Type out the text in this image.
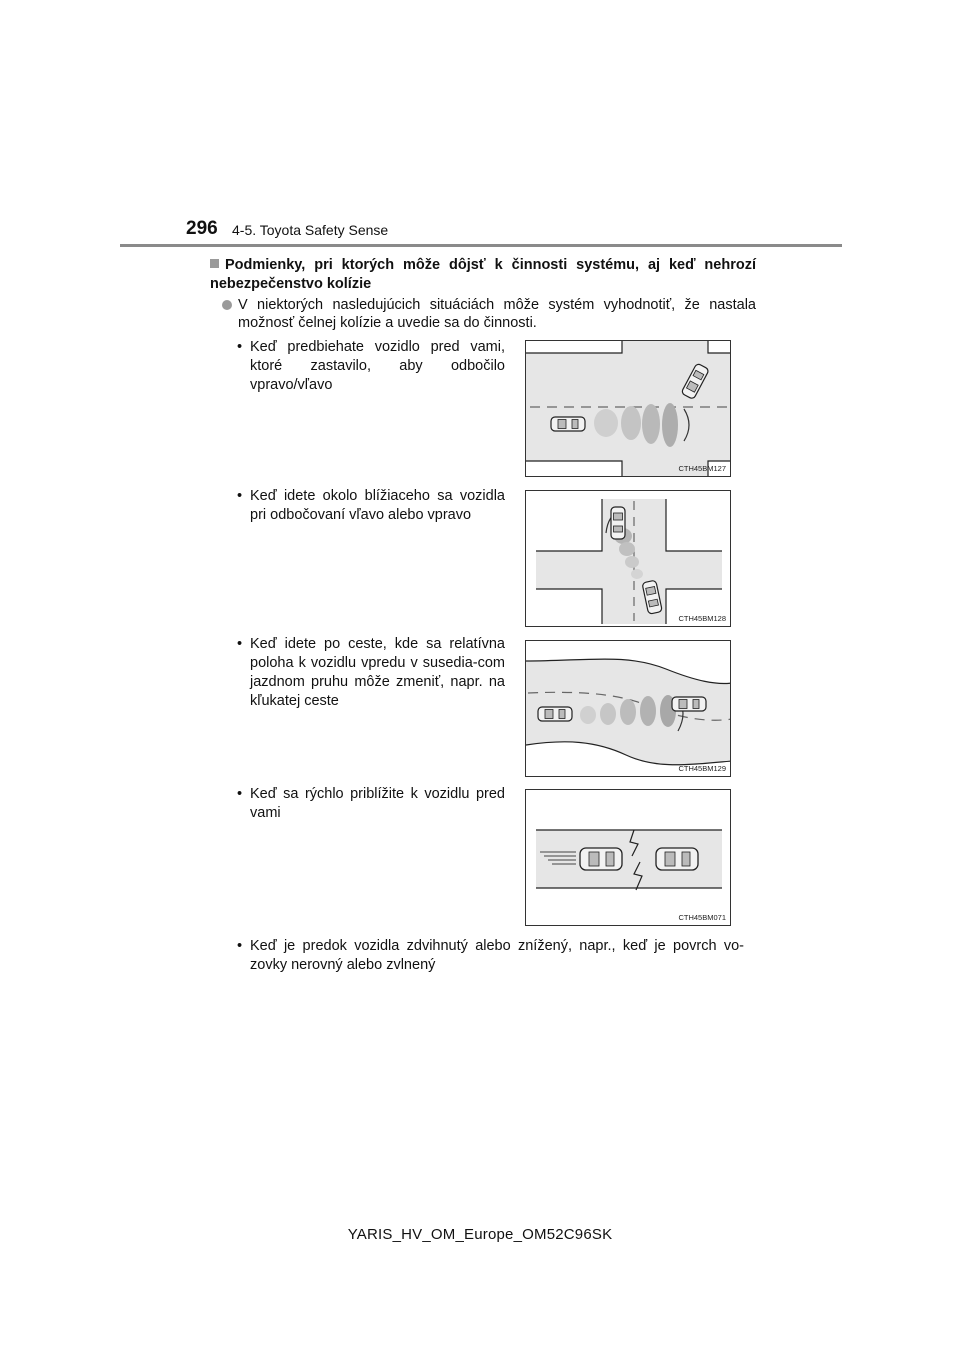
296 4-5. Toyota Safety Sense
Podmienky, pri ktorých môže dôjsť k činnosti systému, aj keď nehrozí nebezpečenstvo kolízie
V niektorých nasledujúcich situáciách môže systém vyhodnotiť, že nastala možnosť čelnej kolízie a uvedie sa do činnosti.
• Keď predbiehate vozidlo pred vami, ktoré zastavilo, aby odbočilo vpravo/vľavo
CTH45BM127
• Keď idete okolo blížiaceho sa vozidla pri odbočovaní vľavo alebo vpravo
CTH45BM128
• Keď idete po ceste, kde sa relatívna poloha k vozidlu vpredu v susedia-com jazdnom pruhu môže zmeniť, napr. na kľukatej ceste
CTH45BM129
• Keď sa rýchlo priblížite k vozidlu pred vami
CTH45BM071
• Keď je predok vozidla zdvihnutý alebo znížený, napr., keď je povrch vo-zovky nerovný alebo zvlnený
YARIS_HV_OM_Europe_OM52C96SK
